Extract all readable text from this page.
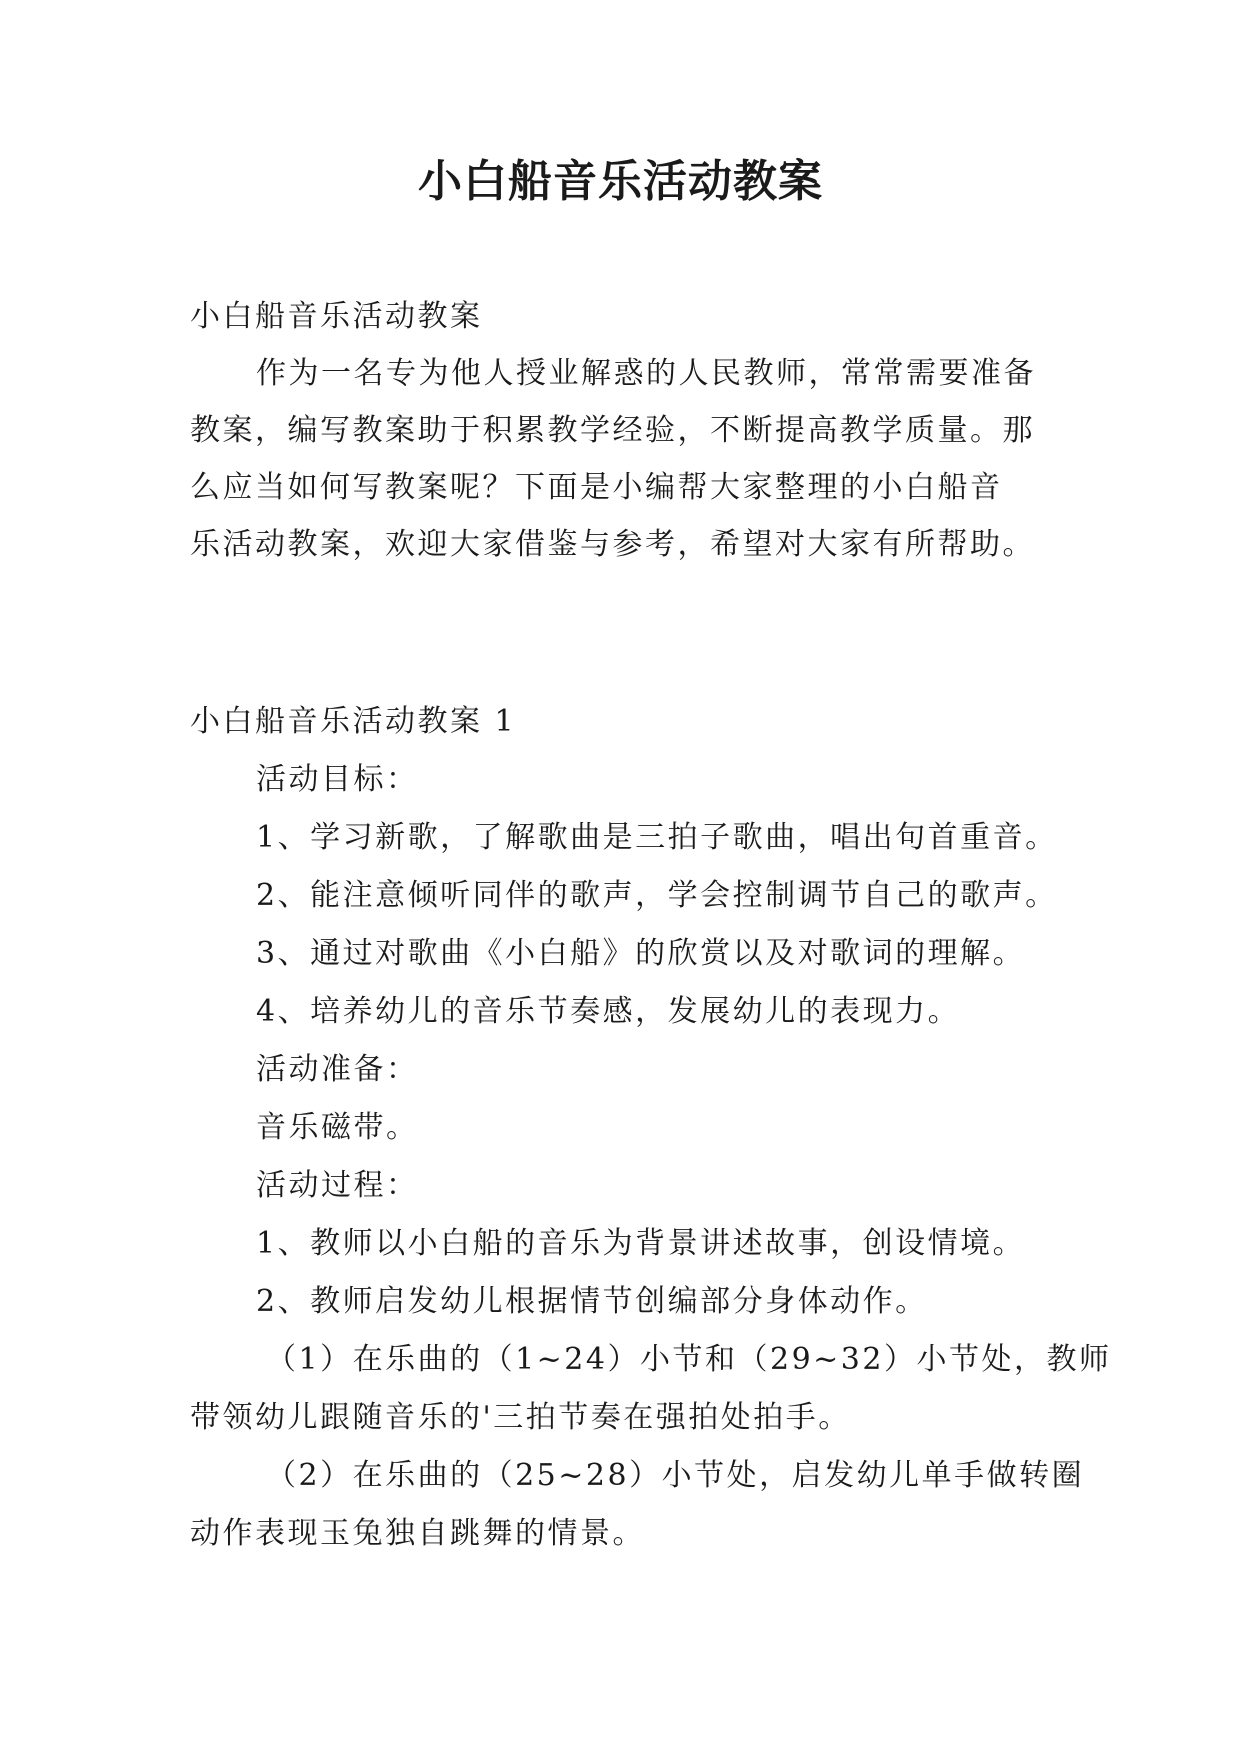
小白船音乐活动教案
小白船音乐活动教案
作为一名专为他人授业解惑的人民教师，常常需要准备
教案，编写教案助于积累教学经验，不断提高教学质量。那
么应当如何写教案呢？下面是小编帮大家整理的小白船音
乐活动教案，欢迎大家借鉴与参考，希望对大家有所帮助。
小白船音乐活动教案 1
活动目标：
1、学习新歌，了解歌曲是三拍子歌曲，唱出句首重音。
2、能注意倾听同伴的歌声，学会控制调节自己的歌声。
3、通过对歌曲《小白船》的欣赏以及对歌词的理解。
4、培养幼儿的音乐节奏感，发展幼儿的表现力。
活动准备：
音乐磁带。
活动过程：
1、教师以小白船的音乐为背景讲述故事，创设情境。
2、教师启发幼儿根据情节创编部分身体动作。
（1）在乐曲的（1~24）小节和（29~32）小节处，教师
带领幼儿跟随音乐的'三拍节奏在强拍处拍手。
（2）在乐曲的（25~28）小节处，启发幼儿单手做转圈
动作表现玉兔独自跳舞的情景。
